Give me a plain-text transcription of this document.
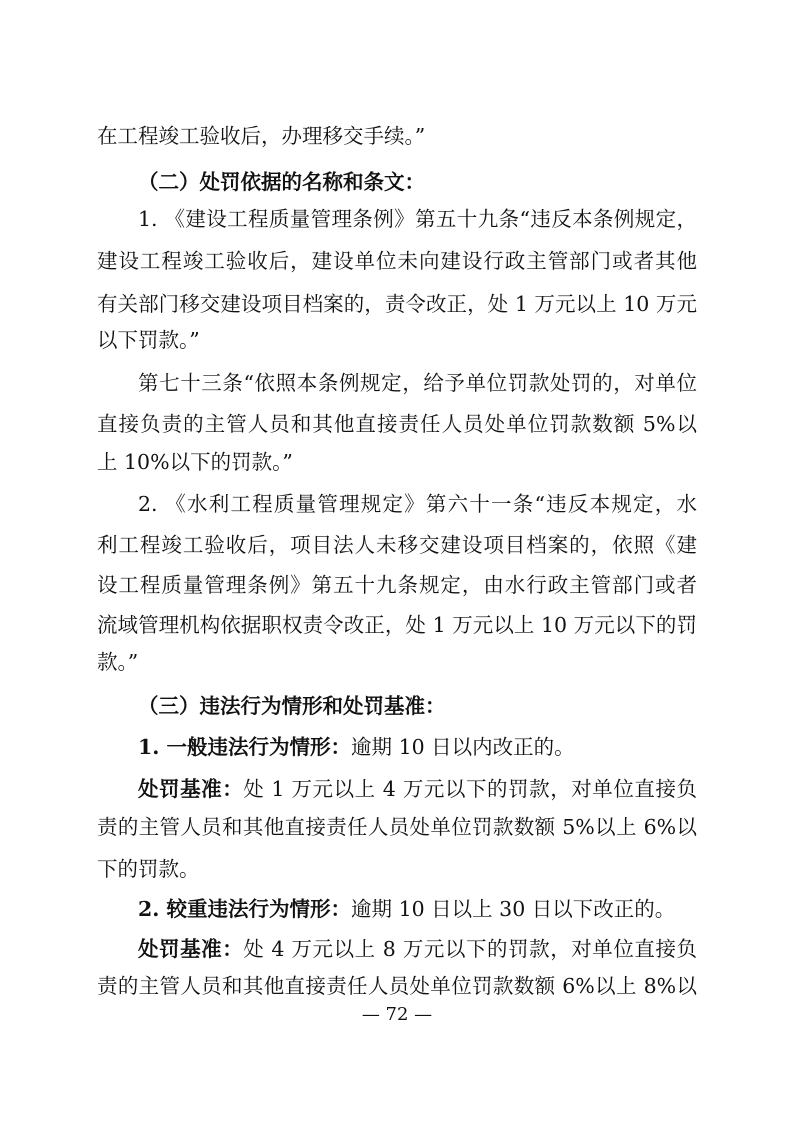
在工程竣工验收后，办理移交手续。”
（二）处罚依据的名称和条文：
1. 《建设工程质量管理条例》第五十九条“违反本条例规定，
建设工程竣工验收后，建设单位未向建设行政主管部门或者其他
有关部门移交建设项目档案的，责令改正，处 1 万元以上 10 万元
以下罚款。”
第七十三条“依照本条例规定，给予单位罚款处罚的，对单位
直接负责的主管人员和其他直接责任人员处单位罚款数额 5%以
上 10%以下的罚款。”
2. 《水利工程质量管理规定》第六十一条“违反本规定，水
利工程竣工验收后，项目法人未移交建设项目档案的，依照《建
设工程质量管理条例》第五十九条规定，由水行政主管部门或者
流域管理机构依据职权责令改正，处 1 万元以上 10 万元以下的罚
款。”
（三）违法行为情形和处罚基准：
1. 一般违法行为情形：逾期 10 日以内改正的。
处罚基准：处 1 万元以上 4 万元以下的罚款，对单位直接负
责的主管人员和其他直接责任人员处单位罚款数额 5%以上 6%以
下的罚款。
2. 较重违法行为情形：逾期 10 日以上 30 日以下改正的。
处罚基准：处 4 万元以上 8 万元以下的罚款，对单位直接负
责的主管人员和其他直接责任人员处单位罚款数额 6%以上 8%以
— 72 —
